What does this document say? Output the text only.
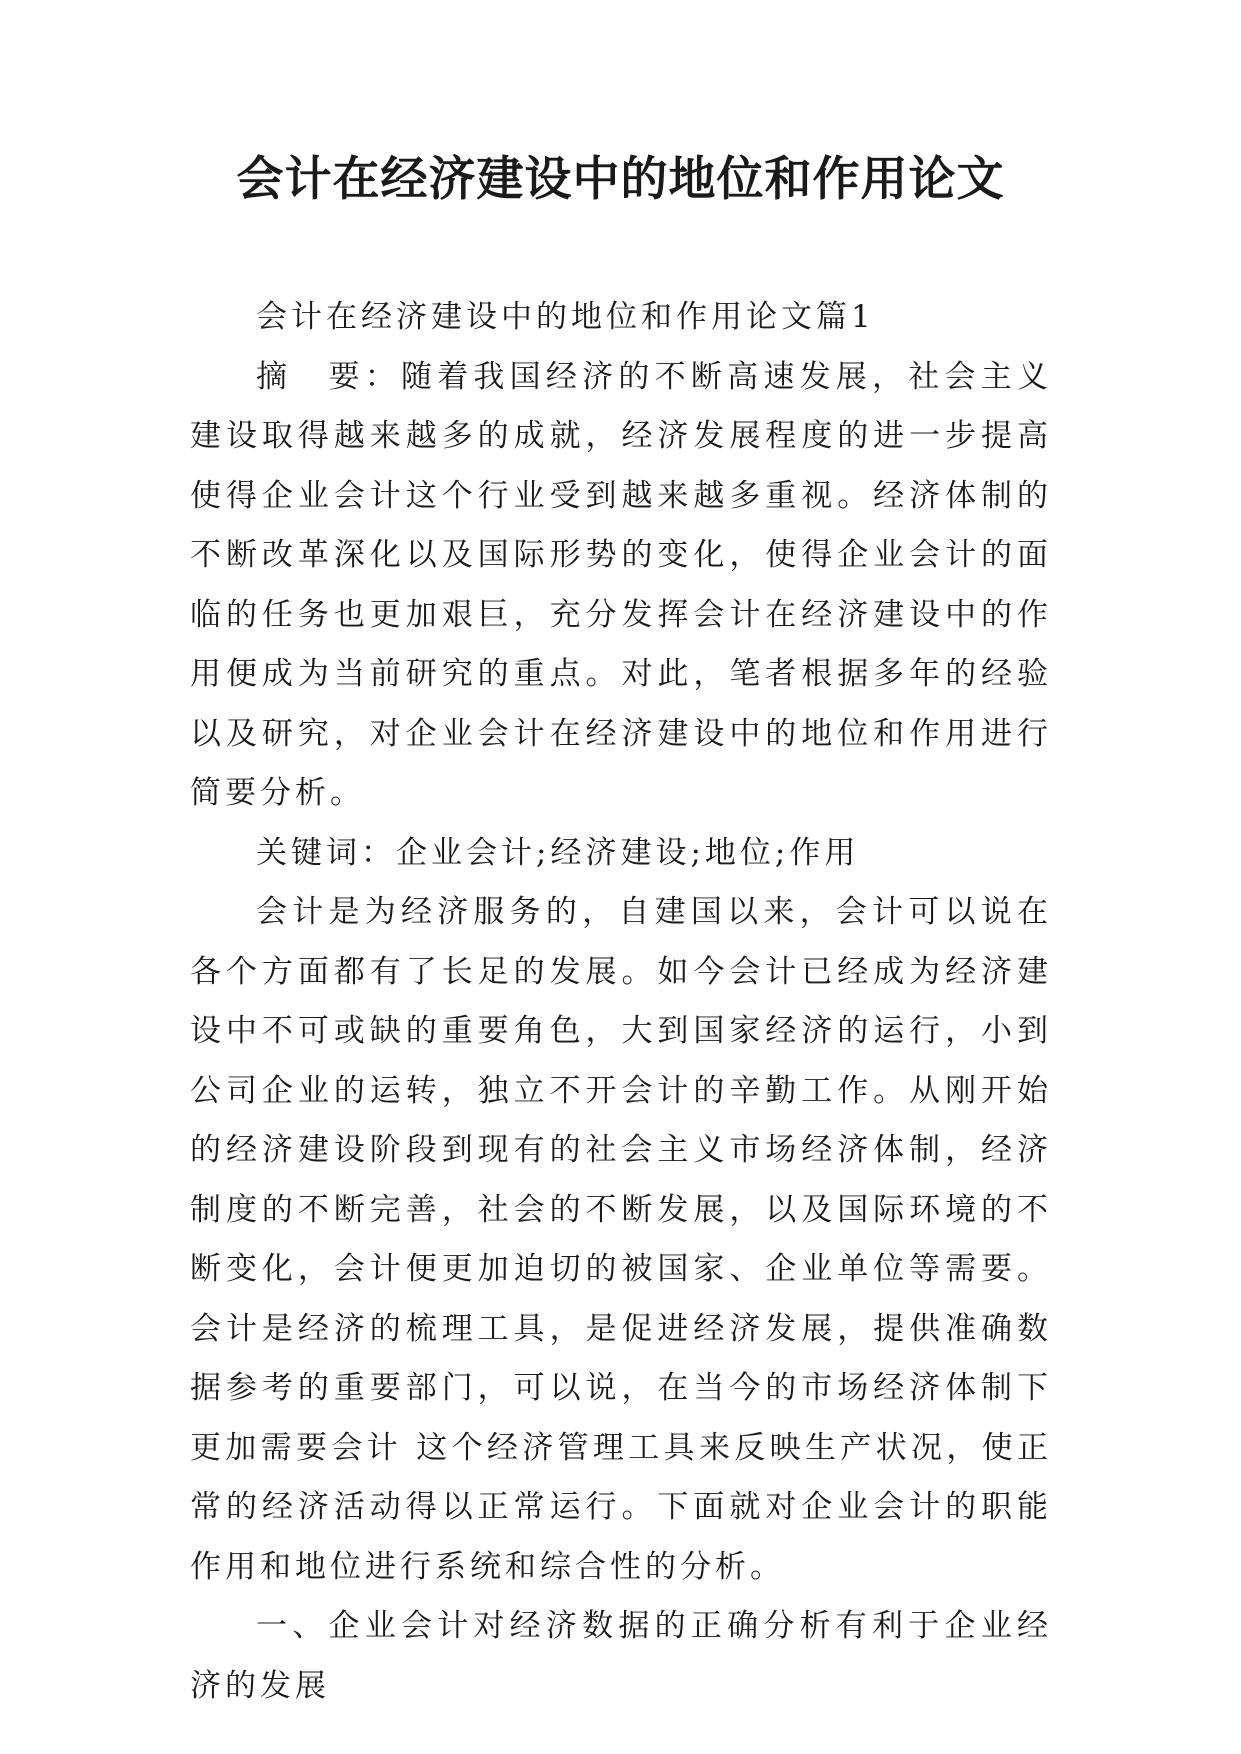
会计在经济建设中的地位和作用论文

会计在经济建设中的地位和作用论文篇1

摘　要：随着我国经济的不断高速发展，社会主义建设取得越来越多的成就，经济发展程度的进一步提高使得企业会计这个行业受到越来越多重视。经济体制的不断改革深化以及国际形势的变化，使得企业会计的面临的任务也更加艰巨，充分发挥会计在经济建设中的作用便成为当前研究的重点。对此，笔者根据多年的经验以及研究，对企业会计在经济建设中的地位和作用进行简要分析。

关键词：企业会计;经济建设;地位;作用

会计是为经济服务的，自建国以来，会计可以说在各个方面都有了长足的发展。如今会计已经成为经济建设中不可或缺的重要角色，大到国家经济的运行，小到公司企业的运转，独立不开会计的辛勤工作。从刚开始的经济建设阶段到现有的社会主义市场经济体制，经济制度的不断完善，社会的不断发展，以及国际环境的不断变化，会计便更加迫切的被国家、企业单位等需要。会计是经济的梳理工具，是促进经济发展，提供准确数据参考的重要部门，可以说，在当今的市场经济体制下更加需要会计 这个经济管理工具来反映生产状况，使正常的经济活动得以正常运行。下面就对企业会计的职能作用和地位进行系统和综合性的分析。

一、企业会计对经济数据的正确分析有利于企业经济的发展
